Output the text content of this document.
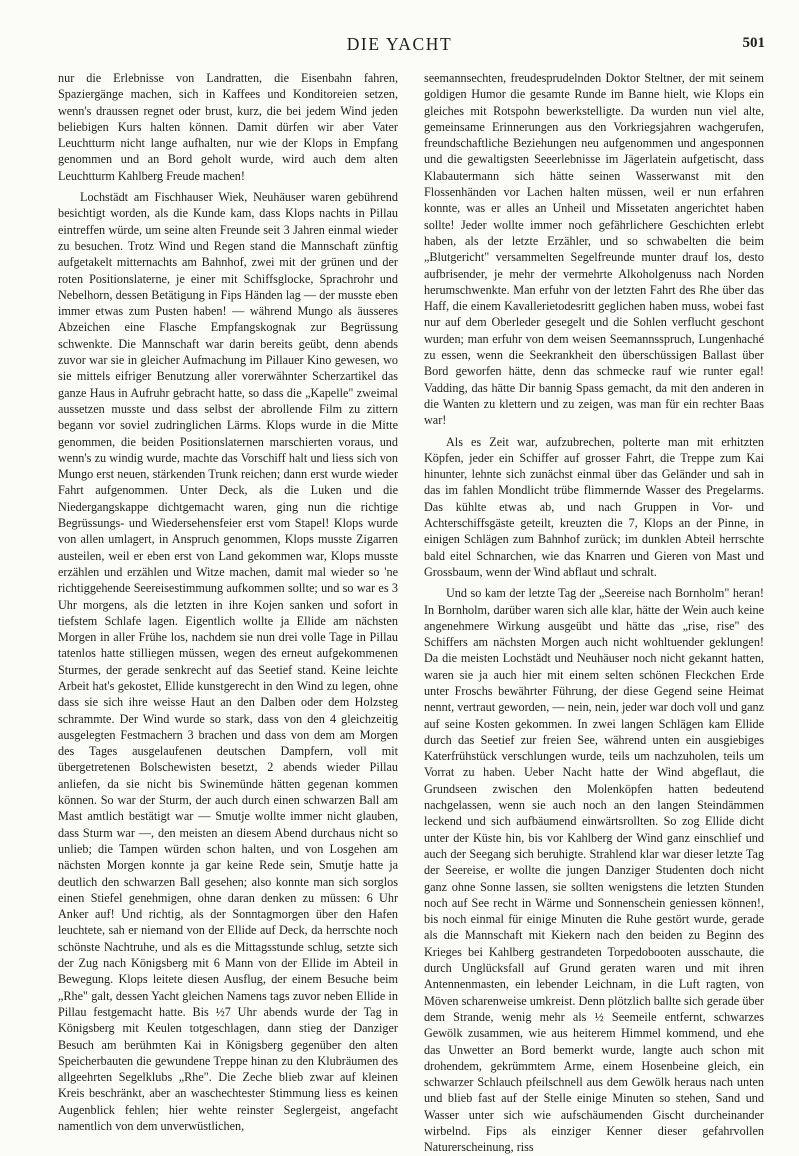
DIE YACHT	501

nur die Erlebnisse von Landratten, die Eisenbahn fahren, Spaziergänge machen, sich in Kaffees und Konditoreien setzen, wenn's draussen regnet oder brust, kurz, die bei jedem Wind jeden beliebigen Kurs halten können. Damit dürfen wir aber Vater Leuchtturm nicht lange aufhalten, nur wie der Klops in Empfang genommen und an Bord geholt wurde, wird auch dem alten Leuchtturm Kahlberg Freude machen!

Lochstädt am Fischhauser Wiek, Neuhäuser waren gebührend besichtigt worden, als die Kunde kam, dass Klops nachts in Pillau eintreffen würde, um seine alten Freunde seit 3 Jahren einmal wieder zu besuchen. Trotz Wind und Regen stand die Mannschaft zünftig aufgetakelt mitternachts am Bahnhof, zwei mit der grünen und der roten Positionslaterne, je einer mit Schiffsglocke, Sprachrohr und Nebelhorn, dessen Betätigung in Fips Händen lag — der musste eben immer etwas zum Pusten haben! — während Mungo als äusseres Abzeichen eine Flasche Empfangskognak zur Begrüssung schwenkte. Die Mannschaft war darin bereits geübt, denn abends zuvor war sie in gleicher Aufmachung im Pillauer Kino gewesen, wo sie mittels eifriger Benutzung aller vorerwähnter Scherzartikel das ganze Haus in Aufruhr gebracht hatte, so dass die „Kapelle" zweimal aussetzen musste und dass selbst der abrollende Film zu zittern begann vor soviel zudringlichen Lärms. Klops wurde in die Mitte genommen, die beiden Positionslaternen marschierten voraus, und wenn's zu windig wurde, machte das Vorschiff halt und liess sich von Mungo erst neuen, stärkenden Trunk reichen; dann erst wurde wieder Fahrt aufgenommen. Unter Deck, als die Luken und die Niedergangskappe dichtgemacht waren, ging nun die richtige Begrüssungs- und Wiedersehensfeier erst vom Stapel! Klops wurde von allen umlagert, in Anspruch genommen, Klops musste Zigarren austeilen, weil er eben erst von Land gekommen war, Klops musste erzählen und erzählen und Witze machen, damit mal wieder so 'ne richtiggehende Seereisestimmung aufkommen sollte; und so war es 3 Uhr morgens, als die letzten in ihre Kojen sanken und sofort in tiefstem Schlafe lagen. Eigentlich wollte ja Ellide am nächsten Morgen in aller Frühe los, nachdem sie nun drei volle Tage in Pillau tatenlos hatte stilliegen müssen, wegen des erneut aufgekommenen Sturmes, der gerade senkrecht auf das Seetief stand. Keine leichte Arbeit hat's gekostet, Ellide kunstgerecht in den Wind zu legen, ohne dass sie sich ihre weisse Haut an den Dalben oder dem Holzsteg schrammte. Der Wind wurde so stark, dass von den 4 gleichzeitig ausgelegten Festmachern 3 brachen und dass von dem am Morgen des Tages ausgelaufenen deutschen Dampfern, voll mit übergetretenen Bolschewisten besetzt, 2 abends wieder Pillau anliefen, da sie nicht bis Swinemünde hätten gegenan kommen können. So war der Sturm, der auch durch einen schwarzen Ball am Mast amtlich bestätigt war — Smutje wollte immer nicht glauben, dass Sturm war —, den meisten an diesem Abend durchaus nicht so unlieb; die Tampen würden schon halten, und von Losgehen am nächsten Morgen konnte ja gar keine Rede sein, Smutje hatte ja deutlich den schwarzen Ball gesehen; also konnte man sich sorglos einen Stiefel genehmigen, ohne daran denken zu müssen: 6 Uhr Anker auf! Und richtig, als der Sonntagmorgen über den Hafen leuchtete, sah er niemand von der Ellide auf Deck, da herrschte noch schönste Nachtruhe, und als es die Mittagsstunde schlug, setzte sich der Zug nach Königsberg mit 6 Mann von der Ellide im Abteil in Bewegung. Klops leitete diesen Ausflug, der einem Besuche beim „Rhe" galt, dessen Yacht gleichen Namens tags zuvor neben Ellide in Pillau festgemacht hatte. Bis ½7 Uhr abends wurde der Tag in Königsberg mit Keulen totgeschlagen, dann stieg der Danziger Besuch am berühmten Kai in Königsberg gegenüber den alten Speicherbauten die gewundene Treppe hinan zu den Klubräumen des allgeehrten Segelklubs „Rhe". Die Zeche blieb zwar auf kleinen Kreis beschränkt, aber an waschechtester Stimmung liess es keinen Augenblick fehlen; hier wehte reinster Seglergeist, angefacht namentlich von dem unverwüstlichen,

seemannsechten, freudesprudelnden Doktor Steltner, der mit seinem goldigen Humor die gesamte Runde im Banne hielt, wie Klops ein gleiches mit Rotspohn bewerkstelligte. Da wurden nun viel alte, gemeinsame Erinnerungen aus den Vorkriegsjahren wachgerufen, freundschaftliche Beziehungen neu aufgenommen und angesponnen und die gewaltigsten Seeerlebnisse im Jägerlatein aufgetischt, dass Klabautermann sich hätte seinen Wasserwanst mit den Flossenhänden vor Lachen halten müssen, weil er nun erfahren konnte, was er alles an Unheil und Missetaten angerichtet haben sollte! Jeder wollte immer noch gefährlichere Geschichten erlebt haben, als der letzte Erzähler, und so schwabelten die beim „Blutgericht" versammelten Segelfreunde munter drauf los, desto aufbrisender, je mehr der vermehrte Alkoholgenuss nach Norden herumschwenkte. Man erfuhr von der letzten Fahrt des Rhe über das Haff, die einem Kavallerietodesritt geglichen haben muss, wobei fast nur auf dem Oberleder gesegelt und die Sohlen verflucht geschont wurden; man erfuhr von dem weisen Seemannsspruch, Lungenhaché zu essen, wenn die Seekrankheit den überschüssigen Ballast über Bord geworfen hätte, denn das schmecke rauf wie runter egal! Vadding, das hätte Dir bannig Spass gemacht, da mit den anderen in die Wanten zu klettern und zu zeigen, was man für ein rechter Baas war!

Als es Zeit war, aufzubrechen, polterte man mit erhitzten Köpfen, jeder ein Schiffer auf grosser Fahrt, die Treppe zum Kai hinunter, lehnte sich zunächst einmal über das Geländer und sah in das im fahlen Mondlicht trübe flimmernde Wasser des Pregelarms. Das kühlte etwas ab, und nach Gruppen in Vor- und Achterschiffsgäste geteilt, kreuzten die 7, Klops an der Pinne, in einigen Schlägen zum Bahnhof zurück; im dunklen Abteil herrschte bald eitel Schnarchen, wie das Knarren und Gieren von Mast und Grossbaum, wenn der Wind abflaut und schralt.

Und so kam der letzte Tag der „Seereise nach Bornholm" heran! In Bornholm, darüber waren sich alle klar, hätte der Wein auch keine angenehmere Wirkung ausgeübt und hätte das „rise, rise" des Schiffers am nächsten Morgen auch nicht wohltuender geklungen! Da die meisten Lochstädt und Neuhäuser noch nicht gekannt hatten, waren sie ja auch hier mit einem selten schönen Fleckchen Erde unter Froschs bewährter Führung, der diese Gegend seine Heimat nennt, vertraut geworden, — nein, nein, jeder war doch voll und ganz auf seine Kosten gekommen. In zwei langen Schlägen kam Ellide durch das Seetief zur freien See, während unten ein ausgiebiges Katerfrühstück verschlungen wurde, teils um nachzuholen, teils um Vorrat zu haben. Ueber Nacht hatte der Wind abgeflaut, die Grundseen zwischen den Molenköpfen hatten bedeutend nachgelassen, wenn sie auch noch an den langen Steindämmen leckend und sich aufbäumend einwärtsrollten. So zog Ellide dicht unter der Küste hin, bis vor Kahlberg der Wind ganz einschlief und auch der Seegang sich beruhigte. Strahlend klar war dieser letzte Tag der Seereise, er wollte die jungen Danziger Studenten doch nicht ganz ohne Sonne lassen, sie sollten wenigstens die letzten Stunden noch auf See recht in Wärme und Sonnenschein geniessen können!, bis noch einmal für einige Minuten die Ruhe gestört wurde, gerade als die Mannschaft mit Kiekern nach den beiden zu Beginn des Krieges bei Kahlberg gestrandeten Torpedobooten ausschaute, die durch Unglücksfall auf Grund geraten waren und mit ihren Antennenmasten, ein lebender Leichnam, in die Luft ragten, von Möven scharenweise umkreist. Denn plötzlich ballte sich gerade über dem Strande, wenig mehr als ½ Seemeile entfernt, schwarzes Gewölk zusammen, wie aus heiterem Himmel kommend, und ehe das Unwetter an Bord bemerkt wurde, langte auch schon mit drohendem, gekrümmtem Arme, einem Hosenbeine gleich, ein schwarzer Schlauch pfeilschnell aus dem Gewölk heraus nach unten und blieb fast auf der Stelle einige Minuten so stehen, Sand und Wasser unter sich wie aufschäumenden Gischt durcheinander wirbelnd. Fips als einziger Kenner dieser gefahrvollen Naturerscheinung, riss
